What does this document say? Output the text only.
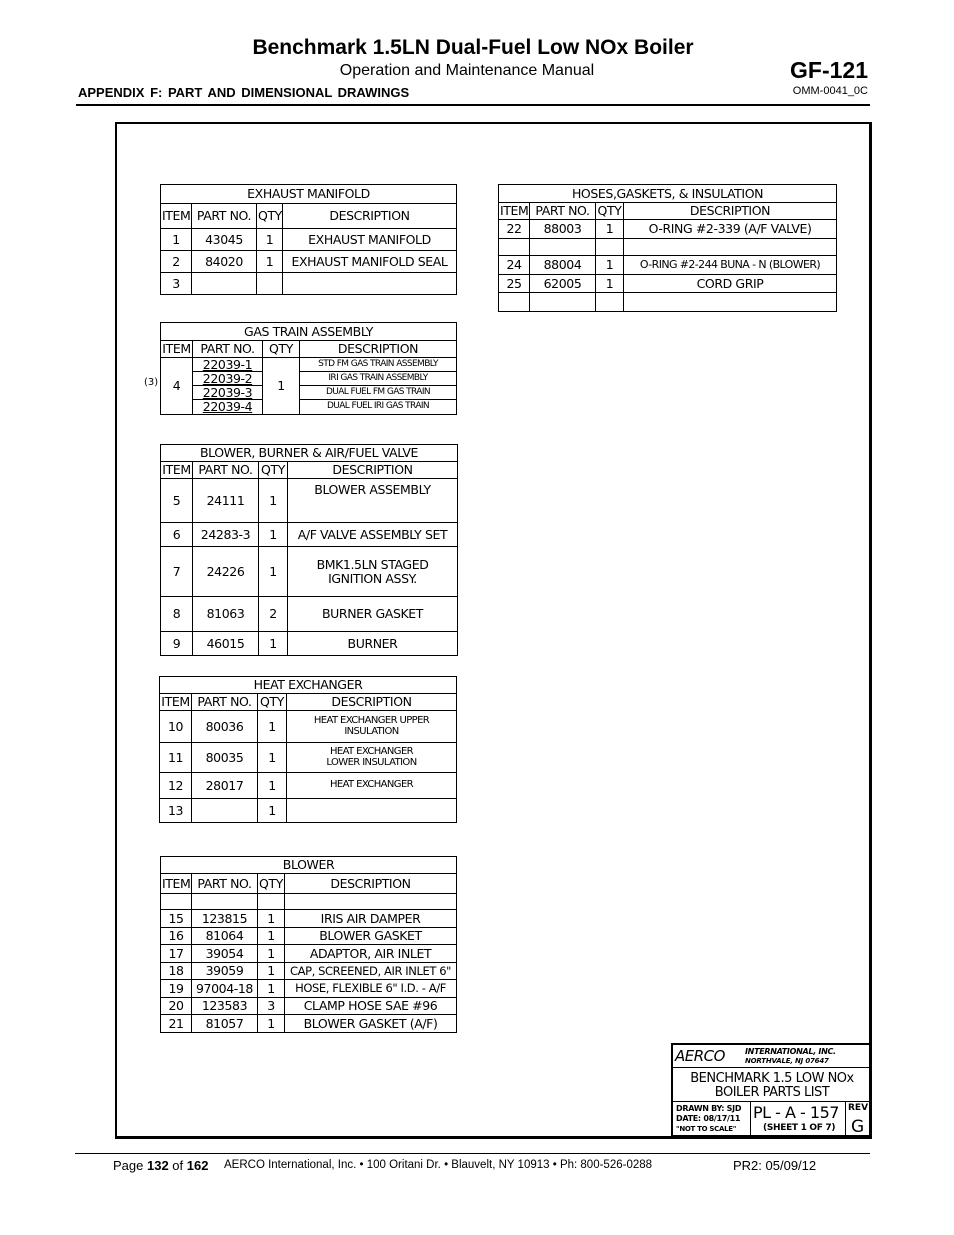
Benchmark 1.5LN Dual-Fuel Low NOx Boiler
Operation and Maintenance Manual
APPENDIX F: PART AND DIMENSIONAL DRAWINGS
GF-121
OMM-0041_0C
EXHAUST MANIFOLD			
ITEM	PART NO.	QTY	DESCRIPTION
1	43045	1	EXHAUST MANIFOLD
2	84020	1	EXHAUST MANIFOLD SEAL
3			
(3)
GAS TRAIN ASSEMBLY			
ITEM	PART NO.	QTY	DESCRIPTION
4	22039-1	1	STD FM GAS TRAIN ASSEMBLY
	22039-2		IRI GAS TRAIN ASSEMBLY
	22039-3		DUAL FUEL FM GAS TRAIN
	22039-4		DUAL FUEL IRI GAS TRAIN
BLOWER, BURNER & AIR/FUEL VALVE			
ITEM	PART NO.	QTY	DESCRIPTION
5	24111	1	BLOWER ASSEMBLY
6	24283-3	1	A/F VALVE ASSEMBLY SET
7	24226	1	BMK1.5LN STAGED IGNITION ASSY.
8	81063	2	BURNER GASKET
9	46015	1	BURNER
HEAT EXCHANGER			
ITEM	PART NO.	QTY	DESCRIPTION
10	80036	1	HEAT EXCHANGER UPPER INSULATION
11	80035	1	HEAT EXCHANGER LOWER INSULATION
12	28017	1	HEAT EXCHANGER
13		1	
BLOWER			
ITEM	PART NO.	QTY	DESCRIPTION

15	123815	1	IRIS AIR DAMPER
16	81064	1	BLOWER GASKET
17	39054	1	ADAPTOR, AIR INLET
18	39059	1	CAP, SCREENED, AIR INLET 6"
19	97004-18	1	HOSE, FLEXIBLE 6" I.D. - A/F
20	123583	3	CLAMP HOSE SAE #96
21	81057	1	BLOWER GASKET (A/F)
HOSES,GASKETS, & INSULATION			
ITEM	PART NO.	QTY	DESCRIPTION
22	88003	1	O-RING #2-339 (A/F VALVE)

24	88004	1	O-RING #2-244 BUNA - N (BLOWER)
25	62005	1	CORD GRIP

AERCO	INTERNATIONAL, INC.
NORTHVALE, NJ 07647
BENCHMARK 1.5 LOW NOx
BOILER PARTS LIST
DRAWN BY: SJD
DATE: 08/17/11
"NOT TO SCALE"
PL - A - 157
(SHEET 1 OF 7)
REV
G
Page 132 of 162 AERCO International, Inc. • 100 Oritani Dr. • Blauvelt, NY 10913 • Ph: 800-526-0288	PR2: 05/09/12
